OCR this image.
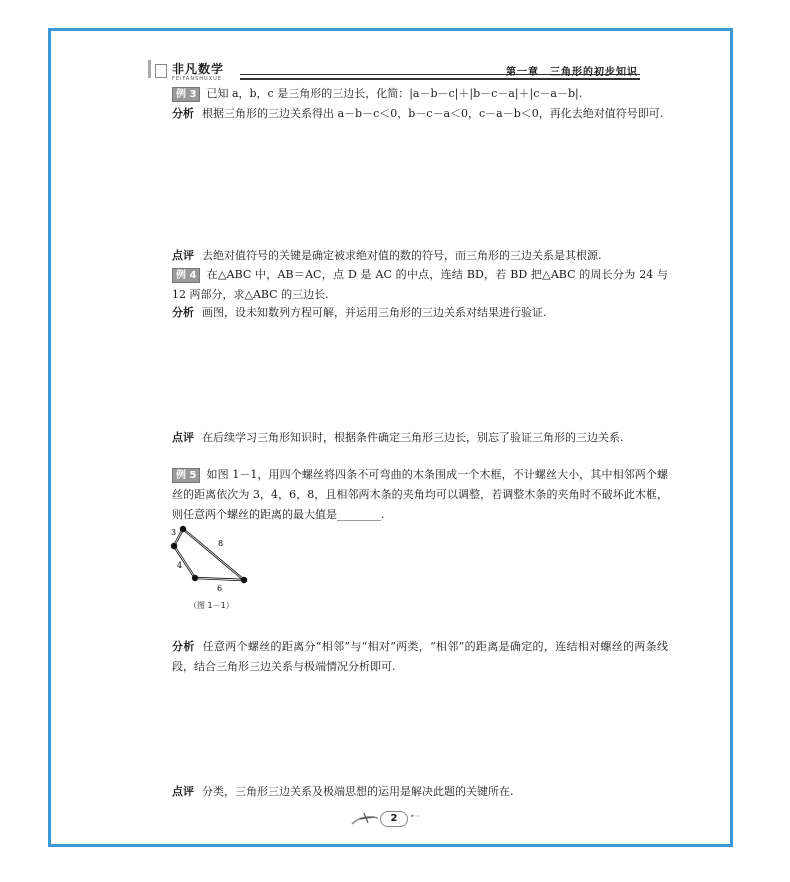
非凡数学
FEIFANSHUXUE
第一章　三角形的初步知识
例 3 已知 a，b，c 是三角形的三边长，化简：|a－b－c|＋|b－c－a|＋|c－a－b|.
分析 根据三角形的三边关系得出 a－b－c＜0，b－c－a＜0，c－a－b＜0，再化去绝对值符号即可.
点评 去绝对值符号的关键是确定被求绝对值的数的符号，而三角形的三边关系是其根源.
例 4 在△ABC 中，AB＝AC，点 D 是 AC 的中点，连结 BD，若 BD 把△ABC 的周长分为 24 与 12 两部分，求△ABC 的三边长.
分析 画图，设未知数列方程可解，并运用三角形的三边关系对结果进行验证.
点评 在后续学习三角形知识时，根据条件确定三角形三边长，别忘了验证三角形的三边关系.
例 5 如图 1－1，用四个螺丝将四条不可弯曲的木条围成一个木框，不计螺丝大小，其中相邻两个螺丝的距离依次为 3，4，6，8，且相邻两木条的夹角均可以调整，若调整木条的夹角时不破坏此木框，则任意两个螺丝的距离的最大值是________.
3
8
4
6
（图 1－1）
分析 任意两个螺丝的距离分“相邻”与“相对”两类，“相邻”的距离是确定的，连结相对螺丝的两条线段，结合三角形三边关系与极端情况分析即可.
点评 分类，三角形三边关系及极端思想的运用是解决此题的关键所在.
2	•··
